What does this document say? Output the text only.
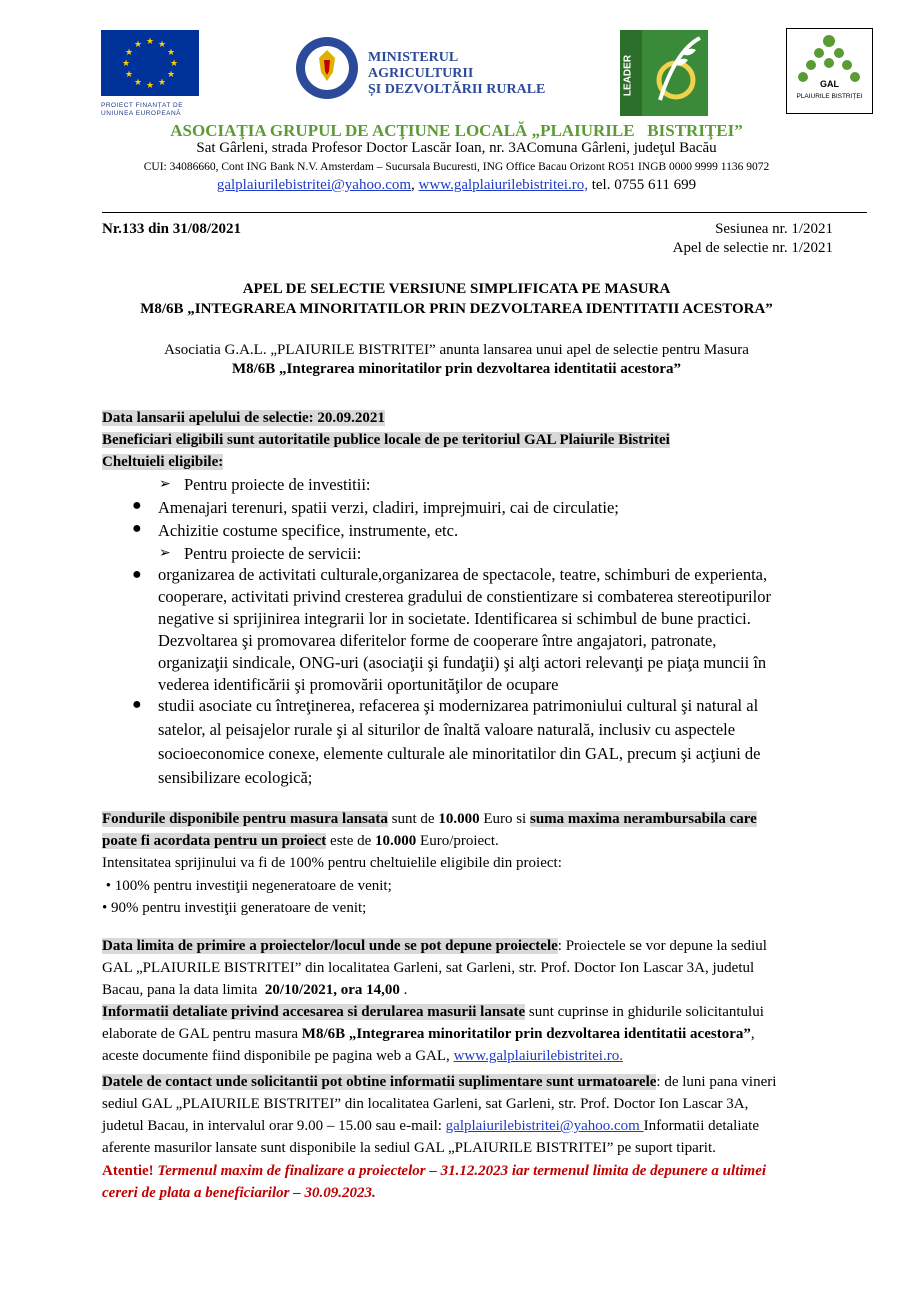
★ ★
★
★
★
★
★
★
★
★
★
★
PROIECT FINANȚAT DE UNIUNEA EUROPEANĂ
MINISTERUL AGRICULTURII
ȘI DEZVOLTĂRII RURALE	LEADER	GAL
PLAIURILE BISTRIȚEI
ASOCIAŢIA GRUPUL DE ACŢIUNE LOCALĂ „PLAIURILE   BISTRIŢEI”
Sat Gârleni, strada Profesor Doctor Lascăr Ioan, nr. 3AComuna Gârleni, judeţul Bacău
CUI: 34086660, Cont ING Bank N.V. Amsterdam – Sucursala Bucuresti, ING Office Bacau Orizont RO51 INGB 0000 9999 1136 9072
galplaiurilebistritei@yahoo.com, www.galplaiurilebistritei.ro, tel. 0755 611 699
Nr.133 din 31/08/2021	Sesiunea nr. 1/2021
Apel de selectie nr. 1/2021
APEL DE SELECTIE VERSIUNE SIMPLIFICATA PE MASURA
M8/6B „INTEGRAREA MINORITATILOR PRIN DEZVOLTAREA IDENTITATII ACESTORA”
Asociatia G.A.L. „PLAIURILE BISTRITEI” anunta lansarea unui apel de selectie pentru Masura
M8/6B „Integrarea minoritatilor prin dezvoltarea identitatii acestora”
Data lansarii apelului de selectie: 20.09.2021
Beneficiari eligibili sunt autoritatile publice locale de pe teritoriul GAL Plaiurile Bistritei
Cheltuieli eligibile:
➢ Pentru proiecte de investitii:
● Amenajari terenuri, spatii verzi, cladiri, imprejmuiri, cai de circulatie;
● Achizitie costume specifice, instrumente, etc.
➢ Pentru proiecte de servicii:
● organizarea de activitati culturale,organizarea de spectacole, teatre, schimburi de experienta,
cooperare, activitati privind cresterea gradului de constientizare si combaterea stereotipurilor
negative si sprijinirea integrarii lor in societate. Identificarea si schimbul de bune practici.
Dezvoltarea şi promovarea diferitelor forme de cooperare între angajatori, patronate,
organizaţii sindicale, ONG-uri (asociaţii şi fundaţii) şi alţi actori relevanţi pe piaţa muncii în
vederea identificării şi promovării oportunităţilor de ocupare
● studii asociate cu întreţinerea, refacerea şi modernizarea patrimoniului cultural şi natural al
satelor, al peisajelor rurale şi al siturilor de înaltă valoare naturală, inclusiv cu aspectele
socioeconomice conexe, elemente culturale ale minoritatilor din GAL, precum şi acţiuni de
sensibilizare ecologică;
Fondurile disponibile pentru masura lansata sunt de 10.000 Euro si suma maxima nerambursabila care
poate fi acordata pentru un proiect este de 10.000 Euro/proiect.
Intensitatea sprijinului va fi de 100% pentru cheltuielile eligibile din proiect:
• 100% pentru investiţii negeneratoare de venit;
• 90% pentru investiţii generatoare de venit;
Data limita de primire a proiectelor/locul unde se pot depune proiectele: Proiectele se vor depune la sediul
GAL „PLAIURILE BISTRITEI” din localitatea Garleni, sat Garleni, str. Prof. Doctor Ion Lascar 3A, judetul
Bacau, pana la data limita  20/10/2021, ora 14,00 .
Informatii detaliate privind accesarea si derularea masurii lansate sunt cuprinse in ghidurile solicitantului
elaborate de GAL pentru masura M8/6B „Integrarea minoritatilor prin dezvoltarea identitatii acestora”,
aceste documente fiind disponibile pe pagina web a GAL, www.galplaiurilebistritei.ro.
Datele de contact unde solicitantii pot obtine informatii suplimentare sunt urmatoarele: de luni pana vineri
sediul GAL „PLAIURILE BISTRITEI” din localitatea Garleni, sat Garleni, str. Prof. Doctor Ion Lascar 3A,
judetul Bacau, in intervalul orar 9.00 – 15.00 sau e-mail: galplaiurilebistritei@yahoo.com Informatii detaliate
aferente masurilor lansate sunt disponibile la sediul GAL „PLAIURILE BISTRITEI” pe suport tiparit.
Atentie! Termenul maxim de finalizare a proiectelor – 31.12.2023 iar termenul limita de depunere a ultimei
cereri de plata a beneficiarilor – 30.09.2023.
